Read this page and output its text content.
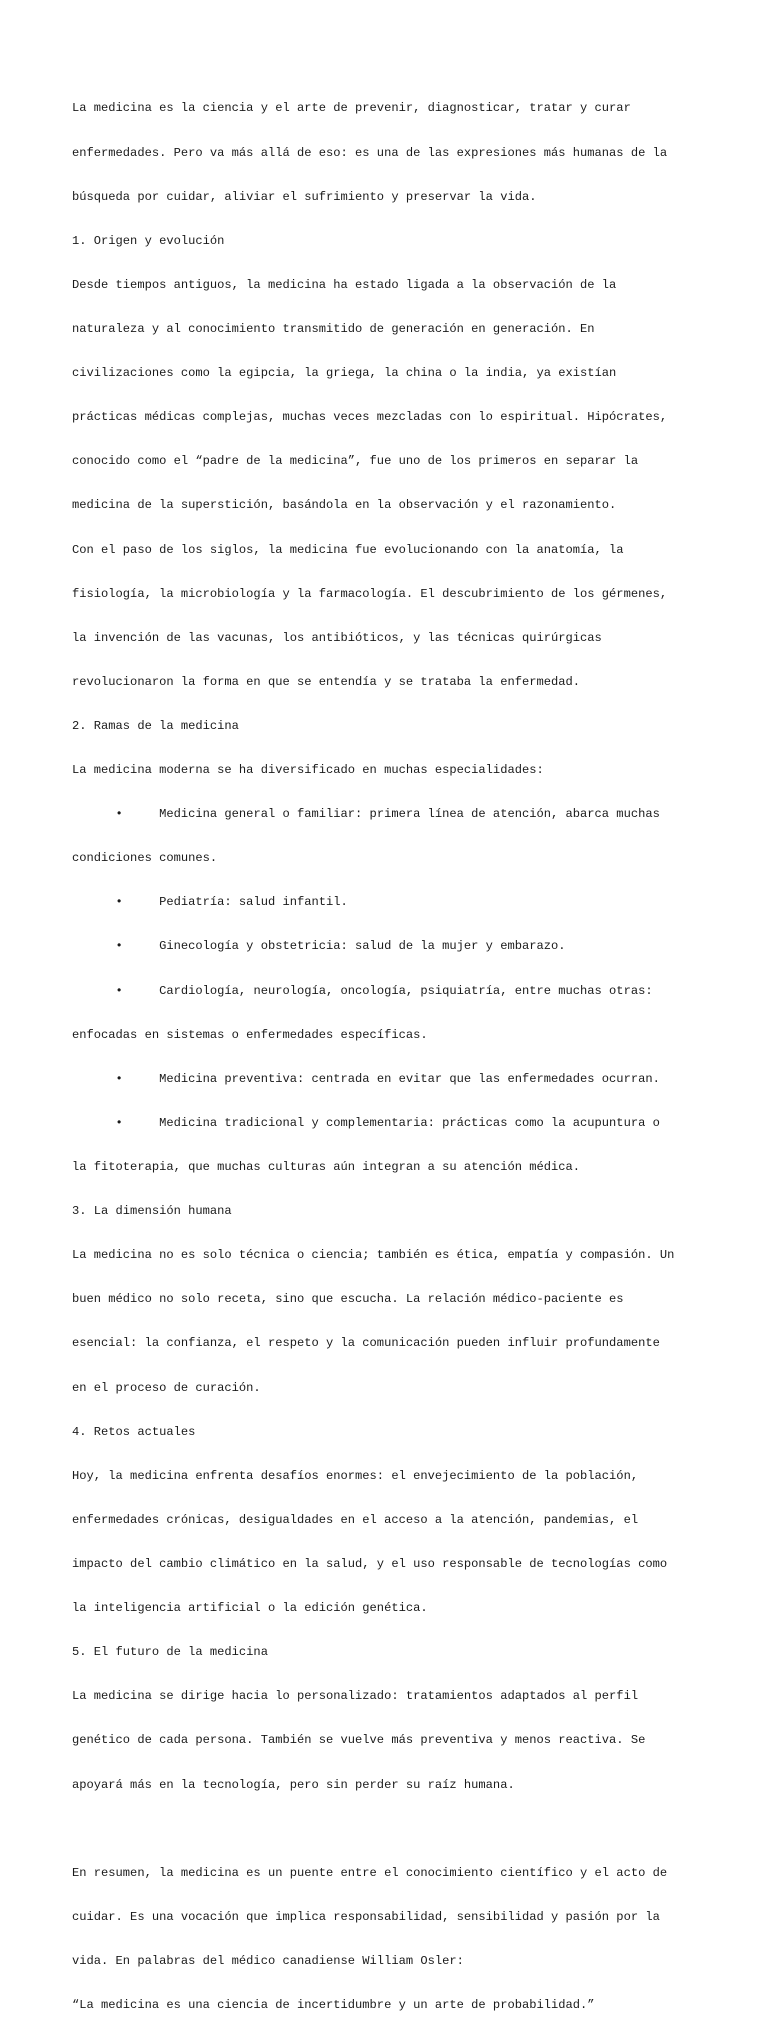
La medicina es la ciencia y el arte de prevenir, diagnosticar, tratar y curar

enfermedades. Pero va más allá de eso: es una de las expresiones más humanas de la

búsqueda por cuidar, aliviar el sufrimiento y preservar la vida.

1. Origen y evolución

Desde tiempos antiguos, la medicina ha estado ligada a la observación de la

naturaleza y al conocimiento transmitido de generación en generación. En

civilizaciones como la egipcia, la griega, la china o la india, ya existían

prácticas médicas complejas, muchas veces mezcladas con lo espiritual. Hipócrates,

conocido como el “padre de la medicina”, fue uno de los primeros en separar la

medicina de la superstición, basándola en la observación y el razonamiento.

Con el paso de los siglos, la medicina fue evolucionando con la anatomía, la

fisiología, la microbiología y la farmacología. El descubrimiento de los gérmenes,

la invención de las vacunas, los antibióticos, y las técnicas quirúrgicas

revolucionaron la forma en que se entendía y se trataba la enfermedad.

2. Ramas de la medicina

La medicina moderna se ha diversificado en muchas especialidades:

•     Medicina general o familiar: primera línea de atención, abarca muchas

condiciones comunes.

•     Pediatría: salud infantil.

•     Ginecología y obstetricia: salud de la mujer y embarazo.

•     Cardiología, neurología, oncología, psiquiatría, entre muchas otras:

enfocadas en sistemas o enfermedades específicas.

•     Medicina preventiva: centrada en evitar que las enfermedades ocurran.

•     Medicina tradicional y complementaria: prácticas como la acupuntura o

la fitoterapia, que muchas culturas aún integran a su atención médica.

3. La dimensión humana

La medicina no es solo técnica o ciencia; también es ética, empatía y compasión. Un

buen médico no solo receta, sino que escucha. La relación médico-paciente es

esencial: la confianza, el respeto y la comunicación pueden influir profundamente

en el proceso de curación.

4. Retos actuales

Hoy, la medicina enfrenta desafíos enormes: el envejecimiento de la población,

enfermedades crónicas, desigualdades en el acceso a la atención, pandemias, el

impacto del cambio climático en la salud, y el uso responsable de tecnologías como

la inteligencia artificial o la edición genética.

5. El futuro de la medicina

La medicina se dirige hacia lo personalizado: tratamientos adaptados al perfil

genético de cada persona. También se vuelve más preventiva y menos reactiva. Se

apoyará más en la tecnología, pero sin perder su raíz humana.

En resumen, la medicina es un puente entre el conocimiento científico y el acto de

cuidar. Es una vocación que implica responsabilidad, sensibilidad y pasión por la

vida. En palabras del médico canadiense William Osler:

“La medicina es una ciencia de incertidumbre y un arte de probabilidad.”
